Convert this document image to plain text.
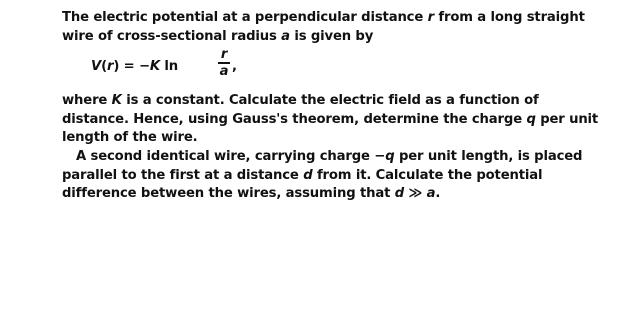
The electric potential at a perpendicular distance r from a long straight
wire of cross-sectional radius a is given by
V(r) = −K ln
r
a ,
where K is a constant. Calculate the electric field as a function of
distance. Hence, using Gauss's theorem, determine the charge q per unit
length of the wire.
A second identical wire, carrying charge −q per unit length, is placed
parallel to the first at a distance d from it. Calculate the potential
difference between the wires, assuming that d ≫ a.
